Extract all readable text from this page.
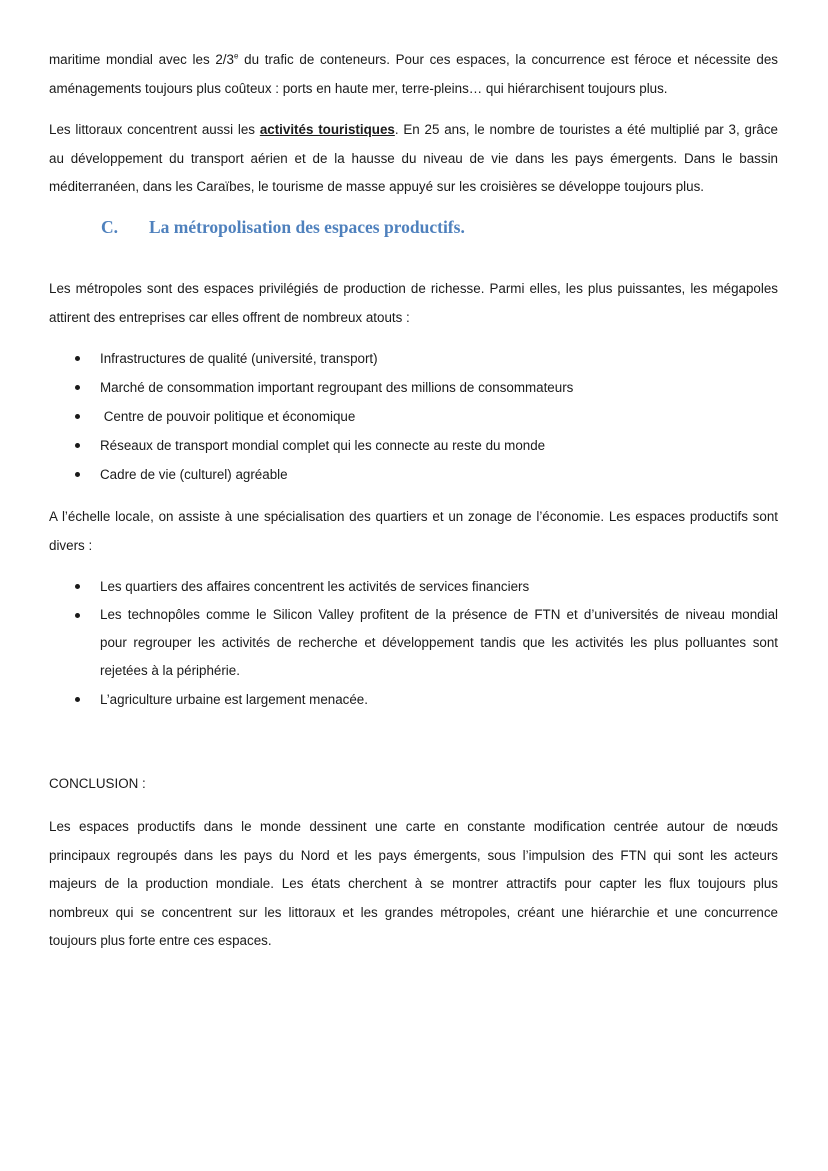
maritime mondial avec les 2/3e du trafic de conteneurs. Pour ces espaces, la concurrence est féroce et nécessite des
aménagements toujours plus coûteux : ports en haute mer, terre-pleins… qui hiérarchisent toujours plus.

Les littoraux concentrent aussi les activités touristiques. En 25 ans, le nombre de touristes a été multiplié par 3, grâce
au développement du transport aérien et de la hausse du niveau de vie dans les pays émergents. Dans le bassin
méditerranéen, dans les Caraïbes, le tourisme de masse appuyé sur les croisières se développe toujours plus.

C. La métropolisation des espaces productifs.

Les métropoles sont des espaces privilégiés de production de richesse. Parmi elles, les plus puissantes, les mégapoles
attirent des entreprises car elles offrent de nombreux atouts :

Infrastructures de qualité (université, transport)
Marché de consommation important regroupant des millions de consommateurs
Centre de pouvoir politique et économique
Réseaux de transport mondial complet qui les connecte au reste du monde
Cadre de vie (culturel) agréable

A l’échelle locale, on assiste à une spécialisation des quartiers et un zonage de l’économie. Les espaces productifs sont
divers :

Les quartiers des affaires concentrent les activités de services financiers
Les technopôles comme le Silicon Valley profitent de la présence de FTN et d’universités de niveau mondial
pour regrouper les activités de recherche et développement tandis que les activités les plus polluantes sont
rejetées à la périphérie.
L’agriculture urbaine est largement menacée.

CONCLUSION :

Les espaces productifs dans le monde dessinent une carte en constante modification centrée autour de nœuds
principaux regroupés dans les pays du Nord et les pays émergents, sous l’impulsion des FTN qui sont les acteurs
majeurs de la production mondiale. Les états cherchent à se montrer attractifs pour capter les flux toujours plus
nombreux qui se concentrent sur les littoraux et les grandes métropoles, créant une hiérarchie et une concurrence
toujours plus forte entre ces espaces.
